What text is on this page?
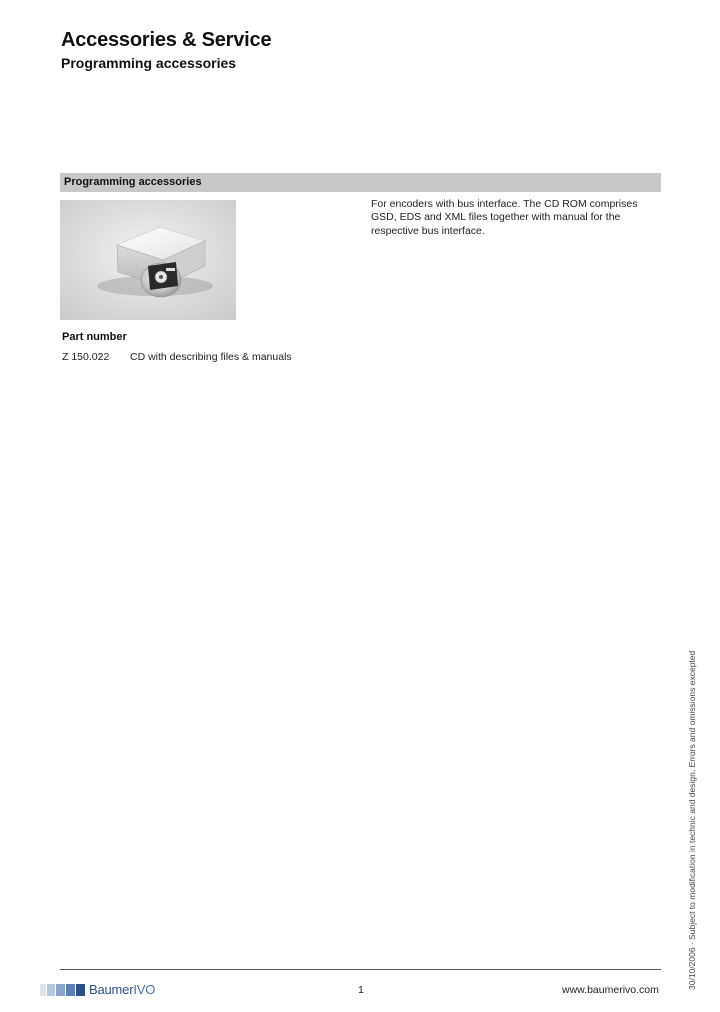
Accessories & Service
Programming accessories
Programming accessories
For encoders with bus interface. The CD ROM comprises GSD, EDS and XML files together with manual for the respective bus interface.
Part number
Z 150.022 CD with describing files & manuals
30/10/2006 · Subject to modification in technic and design. Errors and omissions excepted
BaumerIVO	1	www.baumerivo.com
